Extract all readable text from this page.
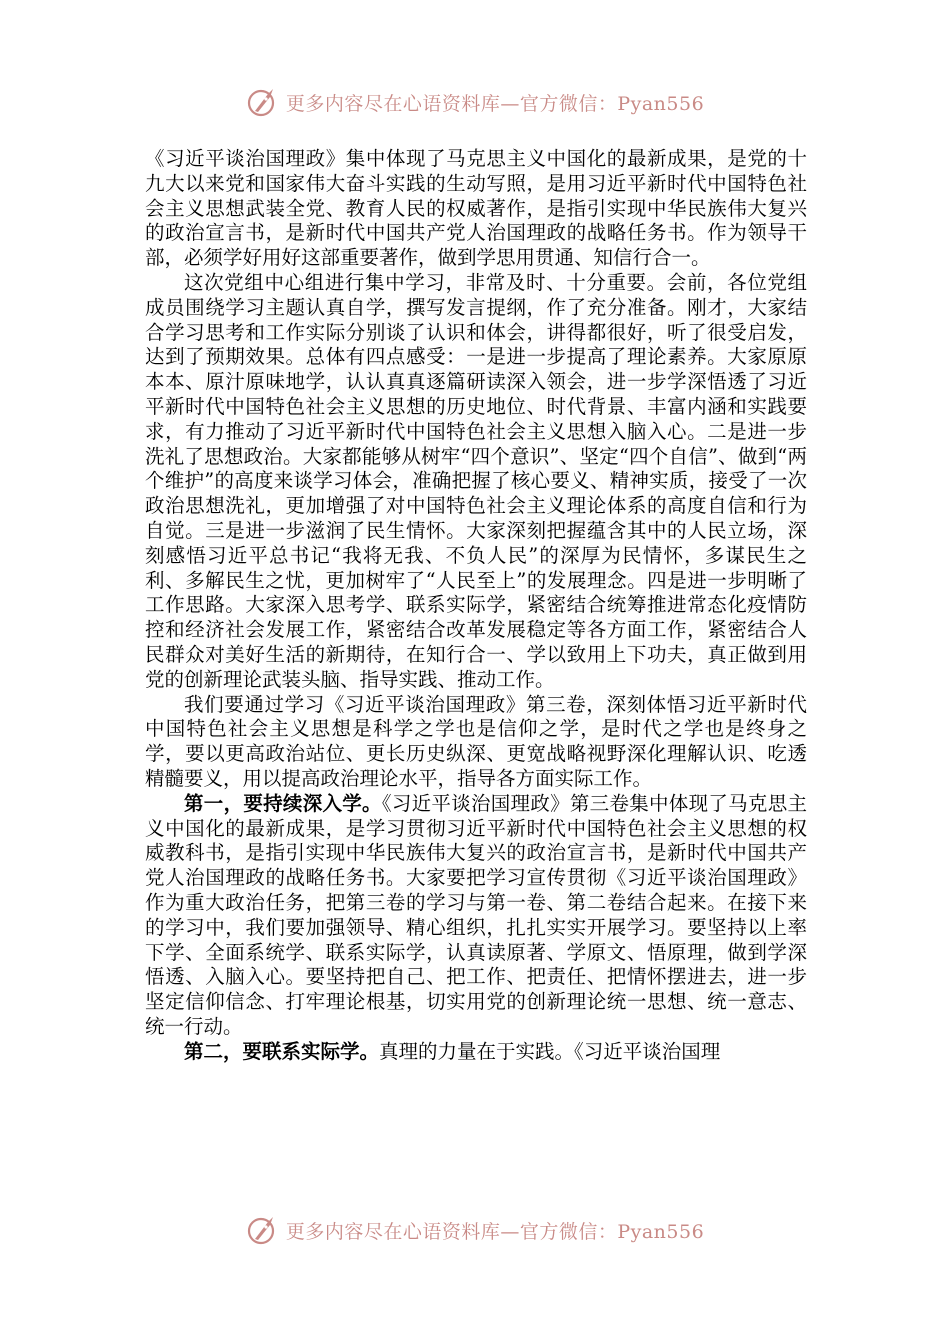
更多内容尽在心语资料库—官方微信：Pyan556

《习近平谈治国理政》集中体现了马克思主义中国化的最新成果，是党的十九大以来党和国家伟大奋斗实践的生动写照，是用习近平新时代中国特色社会主义思想武装全党、教育人民的权威著作，是指引实现中华民族伟大复兴的政治宣言书，是新时代中国共产党人治国理政的战略任务书。作为领导干部，必须学好用好这部重要著作，做到学思用贯通、知信行合一。

这次党组中心组进行集中学习，非常及时、十分重要。会前，各位党组成员围绕学习主题认真自学，撰写发言提纲，作了充分准备。刚才，大家结合学习思考和工作实际分别谈了认识和体会，讲得都很好，听了很受启发，达到了预期效果。总体有四点感受：一是进一步提高了理论素养。大家原原本本、原汁原味地学，认认真真逐篇研读深入领会，进一步学深悟透了习近平新时代中国特色社会主义思想的历史地位、时代背景、丰富内涵和实践要求，有力推动了习近平新时代中国特色社会主义思想入脑入心。二是进一步洗礼了思想政治。大家都能够从树牢“四个意识”、坚定“四个自信”、做到“两个维护”的高度来谈学习体会，准确把握了核心要义、精神实质，接受了一次政治思想洗礼，更加增强了对中国特色社会主义理论体系的高度自信和行为自觉。三是进一步滋润了民生情怀。大家深刻把握蕴含其中的人民立场，深刻感悟习近平总书记“我将无我、不负人民”的深厚为民情怀，多谋民生之利、多解民生之忧，更加树牢了“人民至上”的发展理念。四是进一步明晰了工作思路。大家深入思考学、联系实际学，紧密结合统筹推进常态化疫情防控和经济社会发展工作，紧密结合改革发展稳定等各方面工作，紧密结合人民群众对美好生活的新期待，在知行合一、学以致用上下功夫，真正做到用党的创新理论武装头脑、指导实践、推动工作。

我们要通过学习《习近平谈治国理政》第三卷，深刻体悟习近平新时代中国特色社会主义思想是科学之学也是信仰之学，是时代之学也是终身之学，要以更高政治站位、更长历史纵深、更宽战略视野深化理解认识、吃透精髓要义，用以提高政治理论水平，指导各方面实际工作。

第一，要持续深入学。《习近平谈治国理政》第三卷集中体现了马克思主义中国化的最新成果，是学习贯彻习近平新时代中国特色社会主义思想的权威教科书，是指引实现中华民族伟大复兴的政治宣言书，是新时代中国共产党人治国理政的战略任务书。大家要把学习宣传贯彻《习近平谈治国理政》作为重大政治任务，把第三卷的学习与第一卷、第二卷结合起来。在接下来的学习中，我们要加强领导、精心组织，扎扎实实开展学习。要坚持以上率下学、全面系统学、联系实际学，认真读原著、学原文、悟原理，做到学深悟透、入脑入心。要坚持把自己、把工作、把责任、把情怀摆进去，进一步坚定信仰信念、打牢理论根基，切实用党的创新理论统一思想、统一意志、统一行动。

第二，要联系实际学。真理的力量在于实践。《习近平谈治国理

更多内容尽在心语资料库—官方微信：Pyan556
